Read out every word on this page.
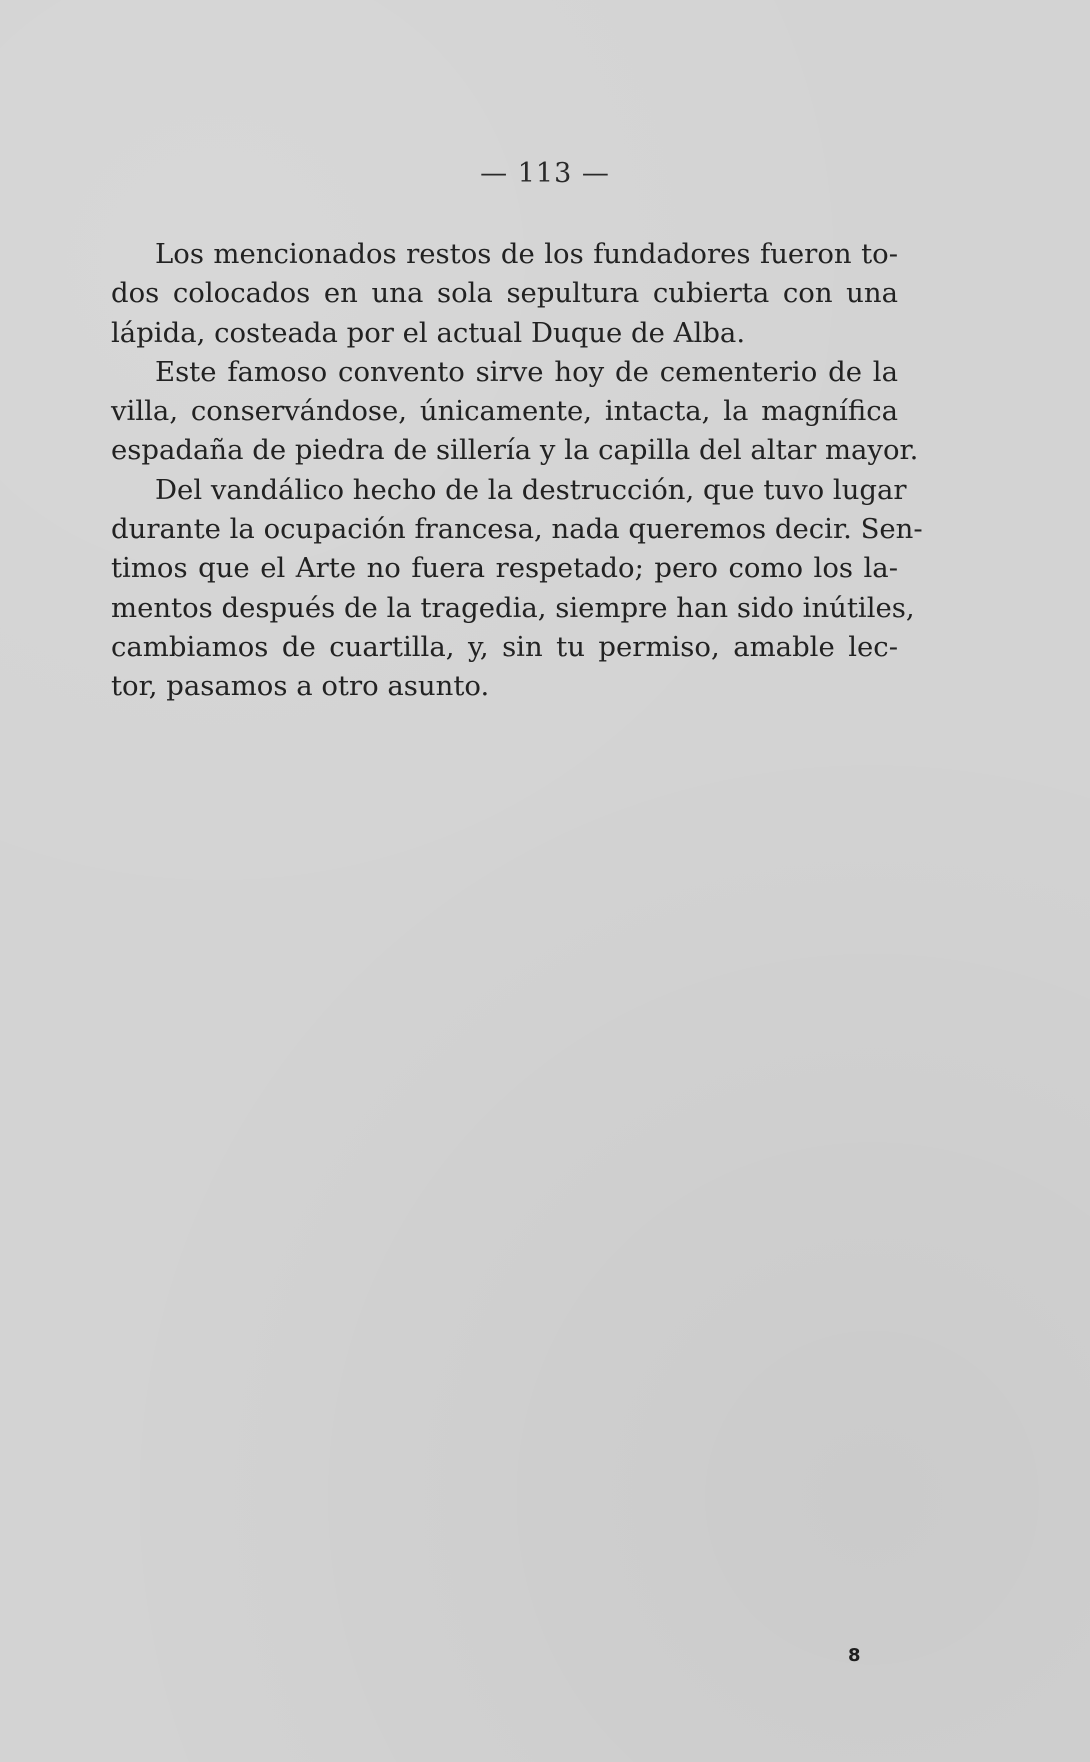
— 113 —
Los mencionados restos de los fundadores fueron to-
dos colocados en una sola sepultura cubierta con una
lápida, costeada por el actual Duque de Alba.
Este famoso convento sirve hoy de cementerio de la
villa, conservándose, únicamente, intacta, la magnífica
espadaña de piedra de sillería y la capilla del altar mayor.
Del vandálico hecho de la destrucción, que tuvo lugar
durante la ocupación francesa, nada queremos decir. Sen-
timos que el Arte no fuera respetado; pero como los la-
mentos después de la tragedia, siempre han sido inútiles,
cambiamos de cuartilla, y, sin tu permiso, amable lec-
tor, pasamos a otro asunto.
8
